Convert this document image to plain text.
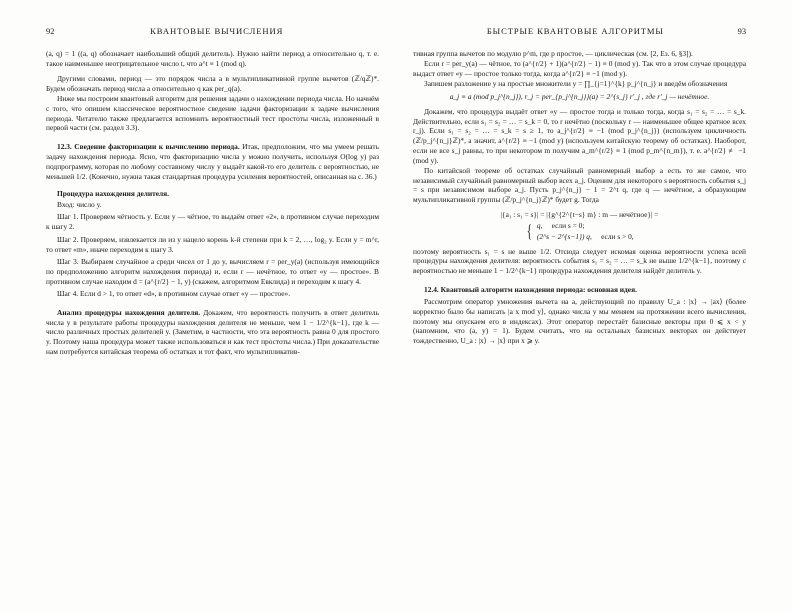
92	КВАНТОВЫЕ ВЫЧИСЛЕНИЯ

(a, q) = 1 ((a, q) обозначает наибольший общий делитель). Нужно найти период a относительно q, т. е. такое наименьшее неотрицательное число t, что a^t ≡ 1 (mod q).

Другими словами, период — это порядок числа a в мультипликативной группе вычетов (ℤ/qℤ)*. Будем обозначать период числа a относительно q как per_q(a).

Ниже мы построим квантовый алгоритм для решения задачи о нахождении периода числа. Но начнём с того, что опишем классическое вероятностное сведение задачи факторизации к задаче вычисления периода. Читателю также предлагается вспомнить вероятностный тест простоты числа, изложенный в первой части (см. раздел 3.3).

12.3. Сведение факторизации к вычислению периода. Итак, предположим, что мы умеем решать задачу нахождения периода. Ясно, что факторизацию числа y можно получить, используя O(log y) раз подпрограмму, которая по любому составному числу y выдаёт какой-то его делитель с вероятностью, не меньшей 1/2. (Конечно, нужна такая стандартная процедура усиления вероятностей, описанная на с. 36.)

Процедура нахождения делителя.

Вход: число y.

Шаг 1. Проверяем чётность y. Если y — чётное, то выдаём ответ «2», в противном случае переходим к шагу 2.

Шаг 2. Проверяем, извлекается ли из y нацело корень k-й степени при k = 2, …, log₂ y. Если y = m^r, то ответ «m», иначе переходим к шагу 3.

Шаг 3. Выбираем случайное a среди чисел от 1 до y, вычисляем r = per_y(a) (используя имеющийся по предположению алгоритм нахождения периода) и, если r — нечётное, то ответ «y — простое». В противном случае находим d = (a^{r/2} − 1, y) (скажем, алгоритмом Евклида) и переходим к шагу 4.

Шаг 4. Если d > 1, то ответ «d», в противном случае ответ «y — простое».

Анализ процедуры нахождения делителя. Докажем, что вероятность получить в ответ делитель числа y в результате работы процедуры нахождения делителя не меньше, чем 1 − 1/2^{k−1}, где k — число различных простых делителей y. (Заметим, в частности, что эта вероятность равна 0 для простого y. Поэтому наша процедура может также использоваться и как тест простоты числа.) При доказательстве нам потребуется китайская теорема об остатках и тот факт, что мультипликатив-

БЫСТРЫЕ КВАНТОВЫЕ АЛГОРИТМЫ	93

тивная группа вычетов по модулю p^m, где p простое, — циклическая (см. [2, Ез. 6, §3]).

Если r = per_y(a) — чётное, то (a^{r/2} + 1)(a^{r/2} − 1) ≡ 0 (mod y). Так что в этом случае процедура выдаст ответ «y — простое только тогда, когда a^{r/2} ≡ −1 (mod y).

Запишем разложение y на простые множители y = ∏_{j=1}^{k} p_j^{n_j} и введём обозначения

a_j ≡ a (mod p_j^{n_j}), r_j = per_{p_j^{n_j}}(a) = 2^{s_j} r'_j , где r'_j — нечётное.

Докажем, что процедура выдаёт ответ «y — простое тогда и только тогда, когда s₁ = s₂ = … = s_k. Действительно, если s₁ = s₂ = … = s_k = 0, то r нечётно (поскольку r — наименьшее общее кратное всех r_j). Если s₁ = s₂ = … = s_k = s ≥ 1, то a_j^{r/2} ≡ −1 (mod p_j^{n_j}) (используем цикличность (ℤ/p_j^{n_j}ℤ)*, а значит, a^{r/2} ≡ −1 (mod y) (используем китайскую теорему об остатках). Наоборот, если не все s_j равны, то при некотором m получим a_m^{r/2} ≡ 1 (mod p_m^{n_m}), т. е. a^{r/2} ≢ −1 (mod y).

По китайской теореме об остатках случайный равномерный выбор a есть то же самое, что независимый случайный равномерный выбор всех a_j. Оценим для некоторого s вероятность события s_j = s при независимом выборе a_j. Пусть p_j^{n_j} − 1 = 2^t q, где q — нечётное, а образующим мультипликативной группы (ℤ/p_j^{n_j}ℤ)* будет g. Тогда

|{a₁ : s₁ = s}| = |{g^{2^{t−s} m} : m — нечётное}| =
{ q, если s = 0;
(2^s − 2^{s−1}) q, если s > 0,

поэтому вероятность s₁ = s не выше 1/2. Отсюда следует искомая оценка вероятности успеха всей процедуры нахождения делителя: вероятность события s₁ = s₂ = … = s_k не выше 1/2^{k−1}, поэтому с вероятностью не меньше 1 − 1/2^{k−1} процедура нахождения делителя найдёт делитель y.

12.4. Квантовый алгоритм нахождения периода: основная идея.

Рассмотрим оператор умножения вычета на a, действующий по правилу U_a : |x⟩ → |ax⟩ (более корректно было бы написать |a x mod y⟩, однако числа y мы меняем на протяжении всего вычисления, поэтому мы опускаем его в индексах). Этот оператор перестаёт базисные векторы при 0 ⩽ x < y (напомним, что (a, y) = 1). Будем считать, что на остальных базисных векторах он действует тождественно, U_a : |x⟩ → |x⟩ при x ⩾ y.
